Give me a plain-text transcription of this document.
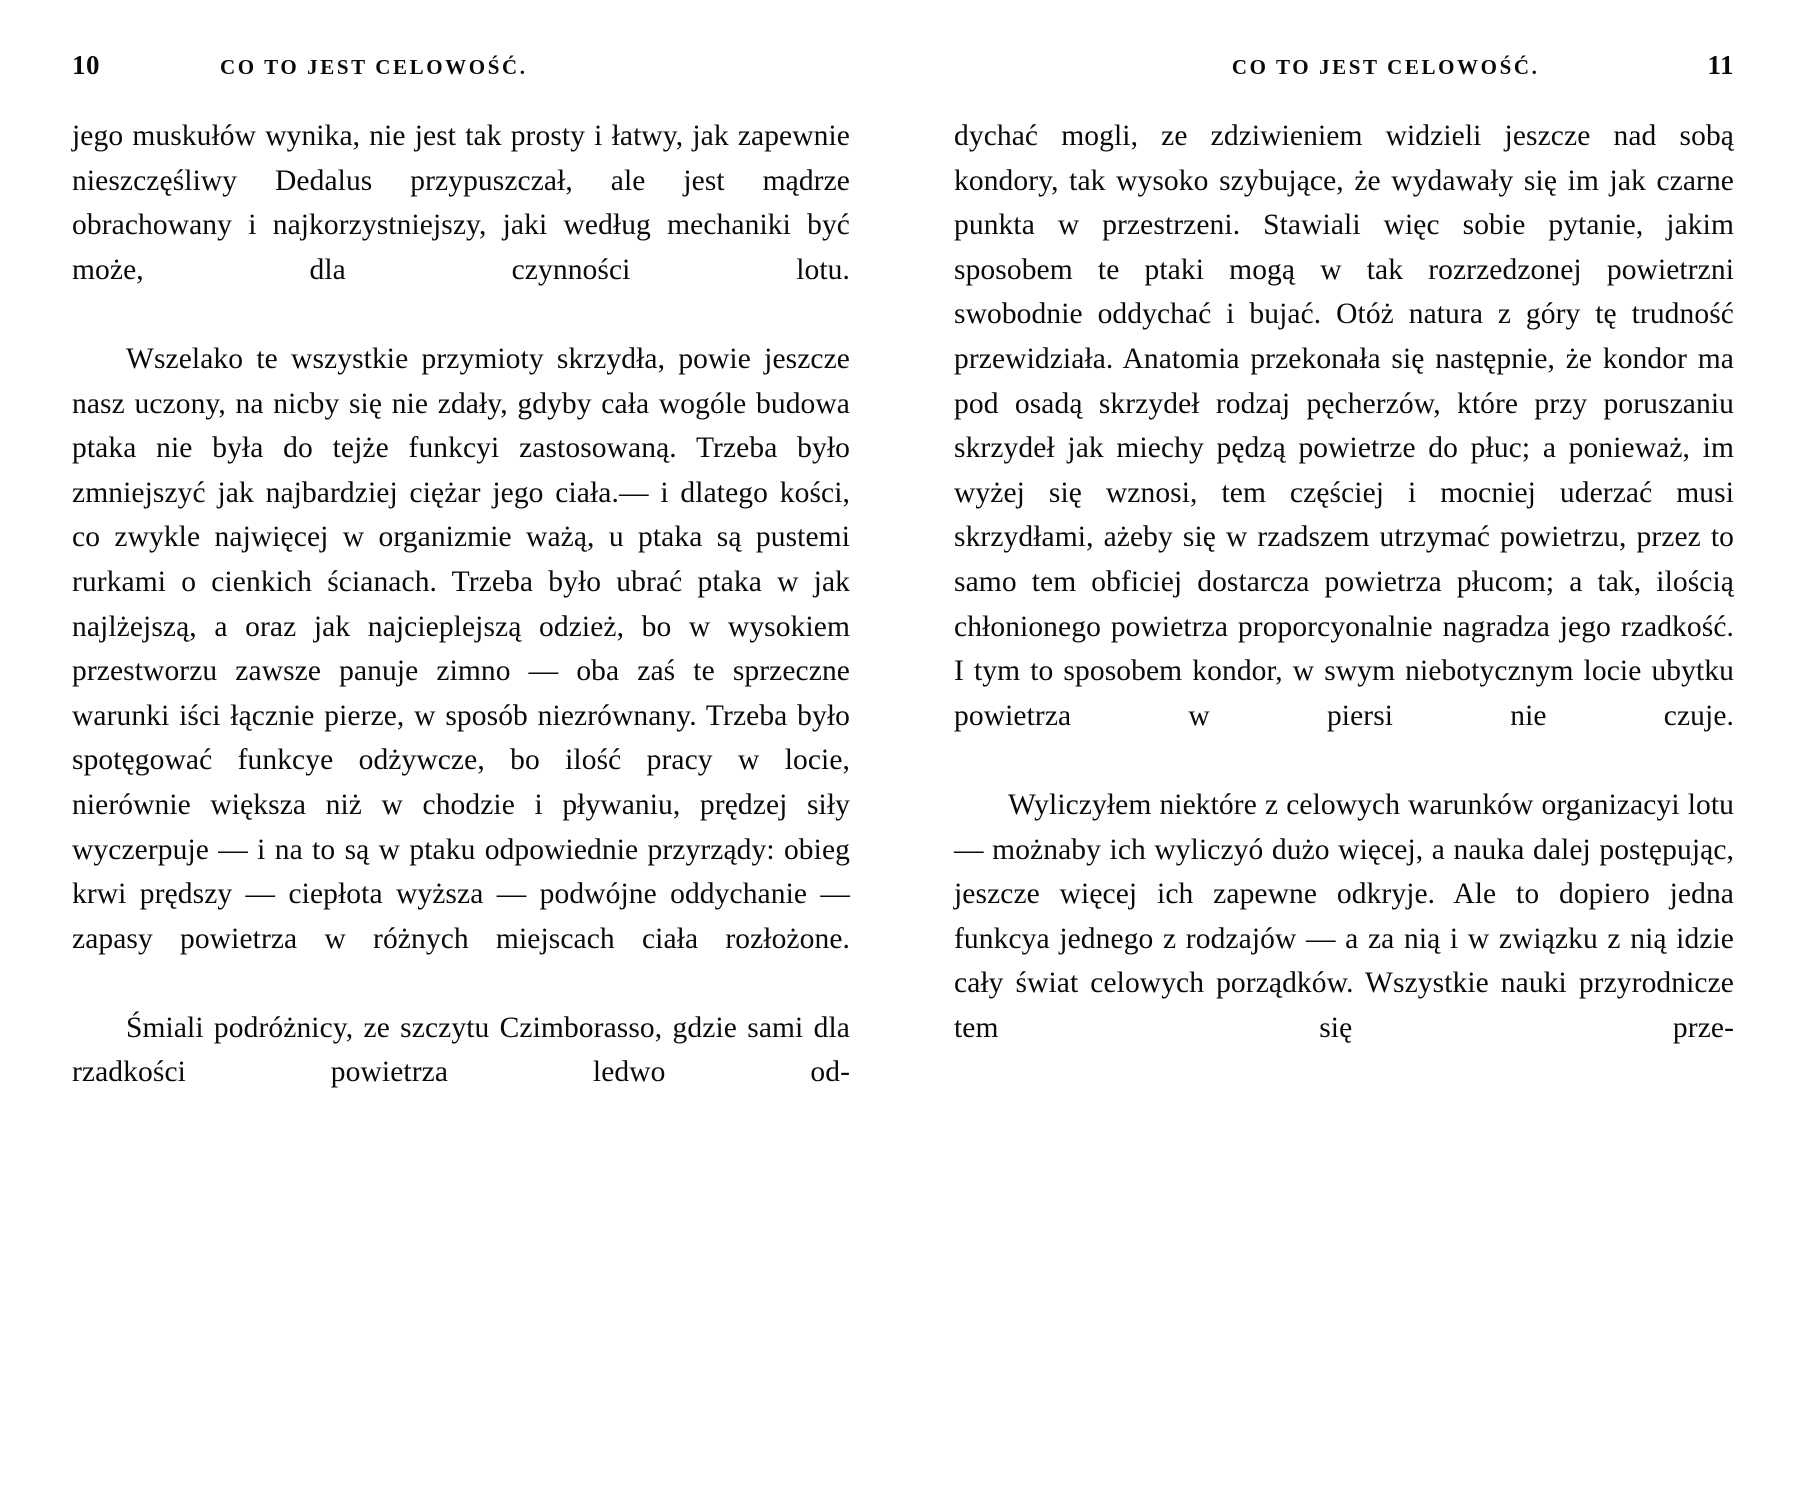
10	CO TO JEST CELOWOŚĆ.

jego muskułów wynika, nie jest tak prosty i łatwy, jak zapewnie nieszczęśliwy Dedalus przypuszczał, ale jest mądrze obrachowany i najkorzystniejszy, jaki według mechaniki być może, dla czynności lotu.

Wszelako te wszystkie przymioty skrzydła, powie jeszcze nasz uczony, na nicby się nie zdały, gdyby cała wogóle budowa ptaka nie była do tejże funkcyi zastosowaną. Trzeba było zmniejszyć jak najbardziej ciężar jego ciała.— i dlatego kości, co zwykle najwięcej w organizmie ważą, u ptaka są pustemi rurkami o cienkich ścianach. Trzeba było ubrać ptaka w jak najlżejszą, a oraz jak najcieplejszą odzież, bo w wysokiem przestworzu zawsze panuje zimno — oba zaś te sprzeczne warunki iści łącznie pierze, w sposób niezrównany. Trzeba było spotęgować funkcye odżywcze, bo ilość pracy w locie, nierównie większa niż w chodzie i pływaniu, prędzej siły wyczerpuje — i na to są w ptaku odpowiednie przyrządy: obieg krwi prędszy — ciepłota wyższa — podwójne oddychanie — zapasy powietrza w różnych miejscach ciała rozłożone.

Śmiali podróżnicy, ze szczytu Czimborasso, gdzie sami dla rzadkości powietrza ledwo od-

CO TO JEST CELOWOŚĆ.	11

dychać mogli, ze zdziwieniem widzieli jeszcze nad sobą kondory, tak wysoko szybujące, że wydawały się im jak czarne punkta w przestrzeni. Stawiali więc sobie pytanie, jakim sposobem te ptaki mogą w tak rozrzedzonej powietrzni swobodnie oddychać i bujać. Otóż natura z góry tę trudność przewidziała. Anatomia przekonała się następnie, że kondor ma pod osadą skrzydeł rodzaj pęcherzów, które przy poruszaniu skrzydeł jak miechy pędzą powietrze do płuc; a ponieważ, im wyżej się wznosi, tem częściej i mocniej uderzać musi skrzydłami, ażeby się w rzadszem utrzymać powietrzu, przez to samo tem obficiej dostarcza powietrza płucom; a tak, ilością chłonionego powietrza proporcyonalnie nagradza jego rzadkość. I tym to sposobem kondor, w swym niebotycznym locie ubytku powietrza w piersi nie czuje.

Wyliczyłem niektóre z celowych warunków organizacyi lotu — możnaby ich wyliczyó dużo więcej, a nauka dalej postępując, jeszcze więcej ich zapewne odkryje. Ale to dopiero jedna funkcya jednego z rodzajów — a za nią i w związku z nią idzie cały świat celowych porządków. Wszystkie nauki przyrodnicze tem się prze-
